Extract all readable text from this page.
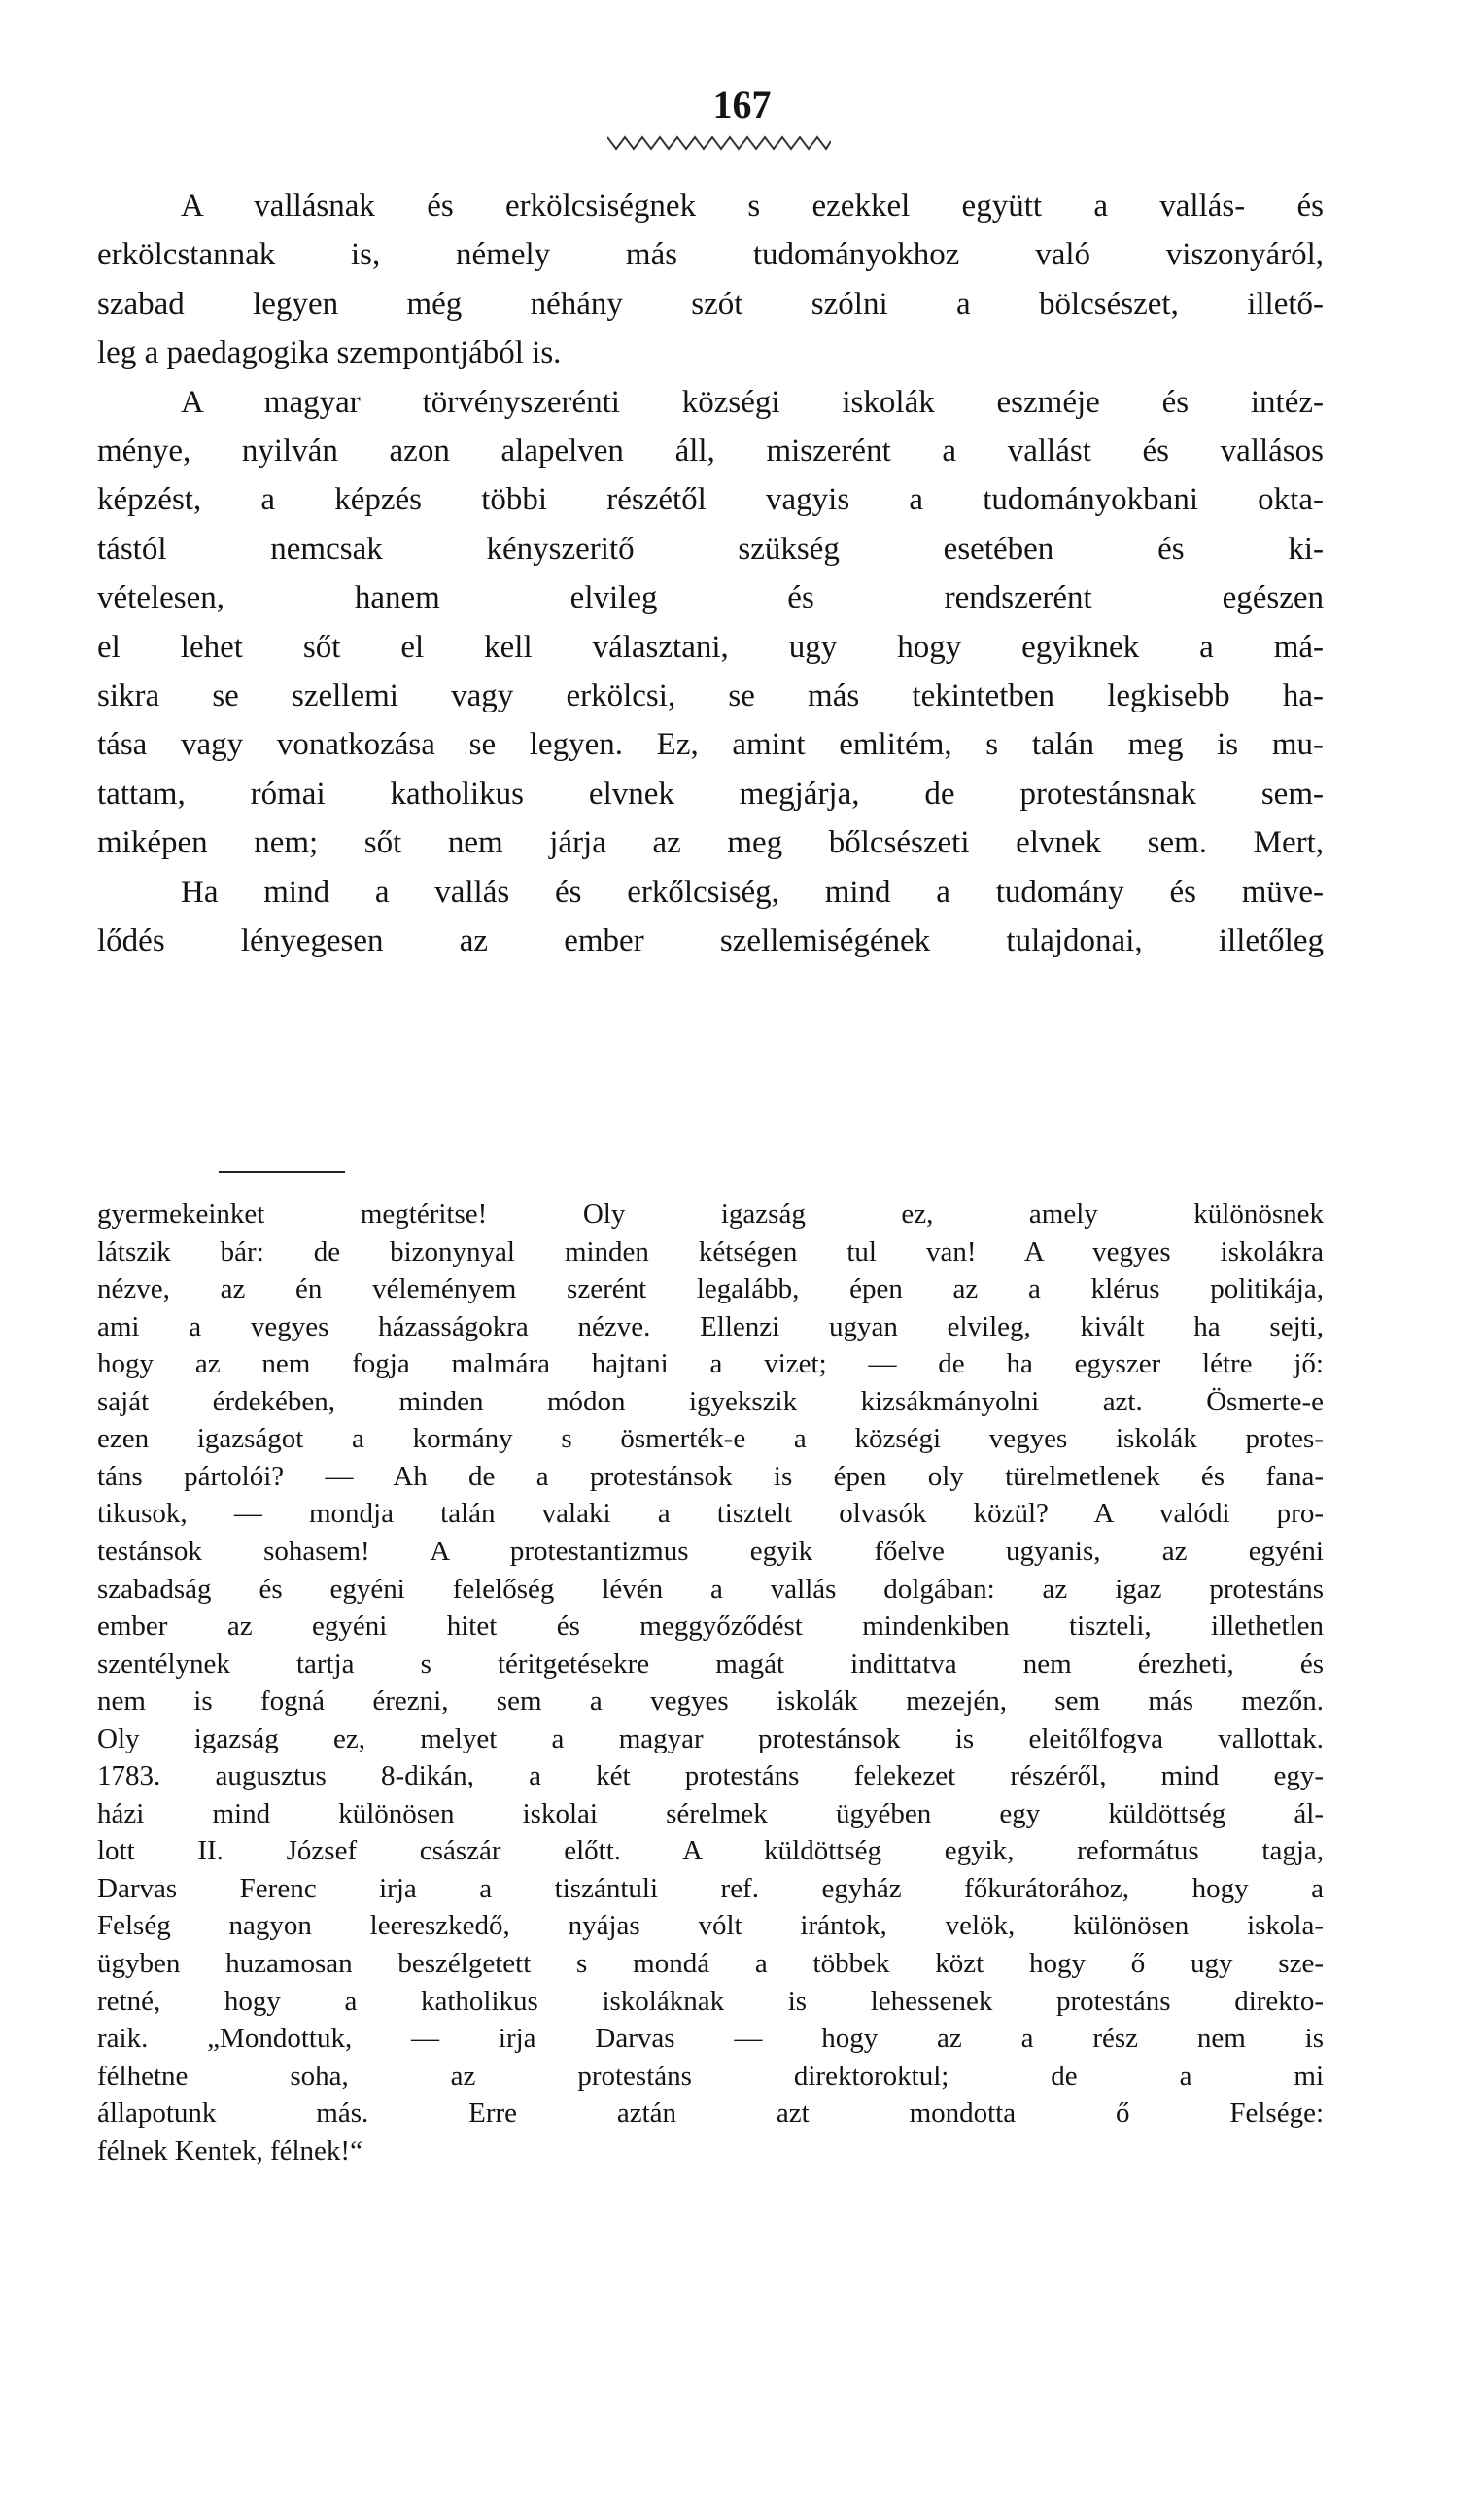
167

A vallásnak és erkölcsiségnek s ezekkel együtt a vallás- és

erkölcstannak is, némely más tudományokhoz való viszonyáról,

szabad legyen még néhány szót szólni a bölcsészet, illető-

leg a paedagogika szempontjából is.

A magyar törvényszerénti községi iskolák eszméje és intéz-

ménye, nyilván azon alapelven áll, miszerént a vallást és vallásos

képzést, a képzés többi részétől vagyis a tudományokbani okta-

tástól nemcsak kényszeritő szükség esetében és ki-

vételesen, hanem elvileg és rendszerént egészen

el lehet sőt el kell választani, ugy hogy egyiknek a má-

sikra se szellemi vagy erkölcsi, se más tekintetben legkisebb ha-

tása vagy vonatkozása se legyen. Ez, amint emlitém, s talán meg is mu-

tattam, római katholikus elvnek megjárja, de protestánsnak sem-

miképen nem; sőt nem járja az meg bőlcsészeti elvnek sem. Mert,

Ha mind a vallás és erkőlcsiség, mind a tudomány és müve-

lődés lényegesen az ember szellemiségének tulajdonai, illetőleg

gyermekeinket megtéritse! Oly igazság ez, amely különösnek

látszik bár: de bizonynyal minden kétségen tul van! A vegyes iskolákra

nézve, az én véleményem szerént legalább, épen az a klérus politikája,

ami a vegyes házasságokra nézve. Ellenzi ugyan elvileg, kivált ha sejti,

hogy az nem fogja malmára hajtani a vizet; — de ha egyszer létre jő:

saját érdekében, minden módon igyekszik kizsákmányolni azt. Ösmerte-e

ezen igazságot a kormány s ösmerték-e a községi vegyes iskolák protes-

táns pártolói? — Ah de a protestánsok is épen oly türelmetlenek és fana-

tikusok, — mondja talán valaki a tisztelt olvasók közül? A valódi pro-

testánsok sohasem! A protestantizmus egyik főelve ugyanis, az egyéni

szabadság és egyéni felelőség lévén a vallás dolgában: az igaz protestáns

ember az egyéni hitet és meggyőződést mindenkiben tiszteli, illethetlen

szentélynek tartja s téritgetésekre magát indittatva nem érezheti, és

nem is fogná érezni, sem a vegyes iskolák mezején, sem más mezőn.

Oly igazság ez, melyet a magyar protestánsok is eleitőlfogva vallottak.

1783. augusztus 8-dikán, a két protestáns felekezet részéről, mind egy-

házi mind különösen iskolai sérelmek ügyében egy küldöttség ál-

lott II. József császár előtt. A küldöttség egyik, református tagja,

Darvas Ferenc irja a tiszántuli ref. egyház főkurátorához, hogy a

Felség nagyon leereszkedő, nyájas vólt irántok, velök, különösen iskola-

ügyben huzamosan beszélgetett s mondá a többek közt hogy ő ugy sze-

retné, hogy a katholikus iskoláknak is lehessenek protestáns direkto-

raik. „Mondottuk, — irja Darvas — hogy az a rész nem is

félhetne soha, az protestáns direktoroktul; de a mi

állapotunk más. Erre aztán azt mondotta ő Felsége:

félnek Kentek, félnek!“
